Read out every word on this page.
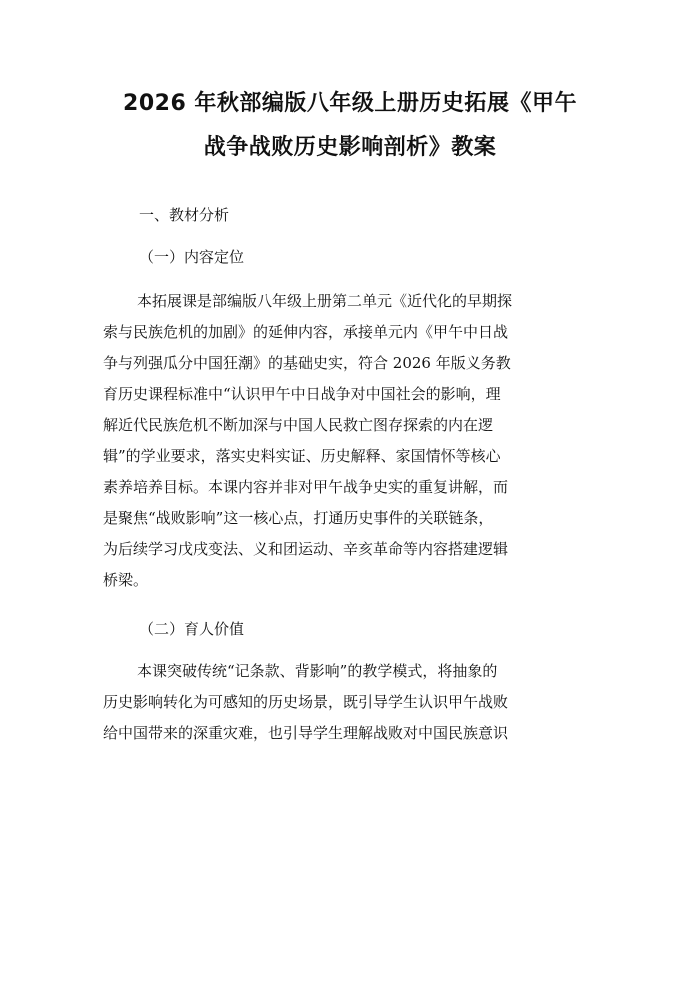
2026 年秋部编版八年级上册历史拓展《甲午
战争战败历史影响剖析》教案
一、教材分析
（一）内容定位
本拓展课是部编版八年级上册第二单元《近代化的早期探
索与民族危机的加剧》的延伸内容，承接单元内《甲午中日战
争与列强瓜分中国狂潮》的基础史实，符合 2026 年版义务教
育历史课程标准中“认识甲午中日战争对中国社会的影响，理
解近代民族危机不断加深与中国人民救亡图存探索的内在逻
辑”的学业要求，落实史料实证、历史解释、家国情怀等核心
素养培养目标。本课内容并非对甲午战争史实的重复讲解，而
是聚焦“战败影响”这一核心点，打通历史事件的关联链条，
为后续学习戊戌变法、义和团运动、辛亥革命等内容搭建逻辑
桥梁。
（二）育人价值
本课突破传统“记条款、背影响”的教学模式，将抽象的
历史影响转化为可感知的历史场景，既引导学生认识甲午战败
给中国带来的深重灾难，也引导学生理解战败对中国民族意识
